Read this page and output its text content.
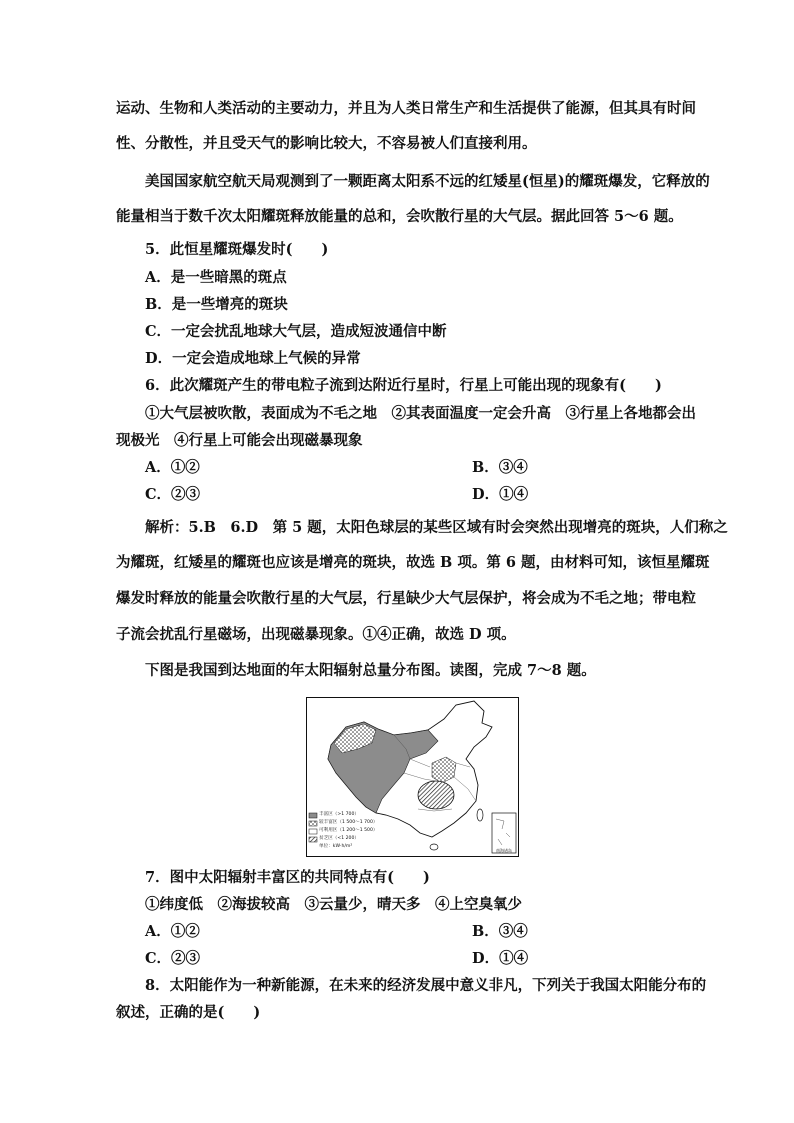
运动、生物和人类活动的主要动力，并且为人类日常生产和生活提供了能源，但其具有时间
性、分散性，并且受天气的影响比较大，不容易被人们直接利用。
美国国家航空航天局观测到了一颗距离太阳系不远的红矮星(恒星)的耀斑爆发，它释放的
能量相当于数千次太阳耀斑释放能量的总和，会吹散行星的大气层。据此回答 5～6 题。
5．此恒星耀斑爆发时(　　)
A．是一些暗黑的斑点
B．是一些增亮的斑块
C．一定会扰乱地球大气层，造成短波通信中断
D．一定会造成地球上气候的异常
6．此次耀斑产生的带电粒子流到达附近行星时，行星上可能出现的现象有(　　)
①大气层被吹散，表面成为不毛之地　②其表面温度一定会升高　③行星上各地都会出
现极光　④行星上可能会出现磁暴现象
A．①②	B．③④
C．②③	D．①④
解析：5.B　6.D　第 5 题，太阳色球层的某些区域有时会突然出现增亮的斑块，人们称之
为耀斑，红矮星的耀斑也应该是增亮的斑块，故选 B 项。第 6 题，由材料可知，该恒星耀斑
爆发时释放的能量会吹散行星的大气层，行星缺少大气层保护，将会成为不毛之地；带电粒
子流会扰乱行星磁场，出现磁暴现象。①④正确，故选 D 项。
下图是我国到达地面的年太阳辐射总量分布图。读图，完成 7～8 题。
丰富区（>1 700）
较丰富区（1 500～1 700）
可利用区（1 200～1 500）
贫乏区（<1 200）
单位：kW·h/m²
南海诸岛
7．图中太阳辐射丰富区的共同特点有(　　)
①纬度低　②海拔较高　③云量少，晴天多　④上空臭氧少
A．①②	B．③④
C．②③	D．①④
8．太阳能作为一种新能源，在未来的经济发展中意义非凡，下列关于我国太阳能分布的
叙述，正确的是(　　)
